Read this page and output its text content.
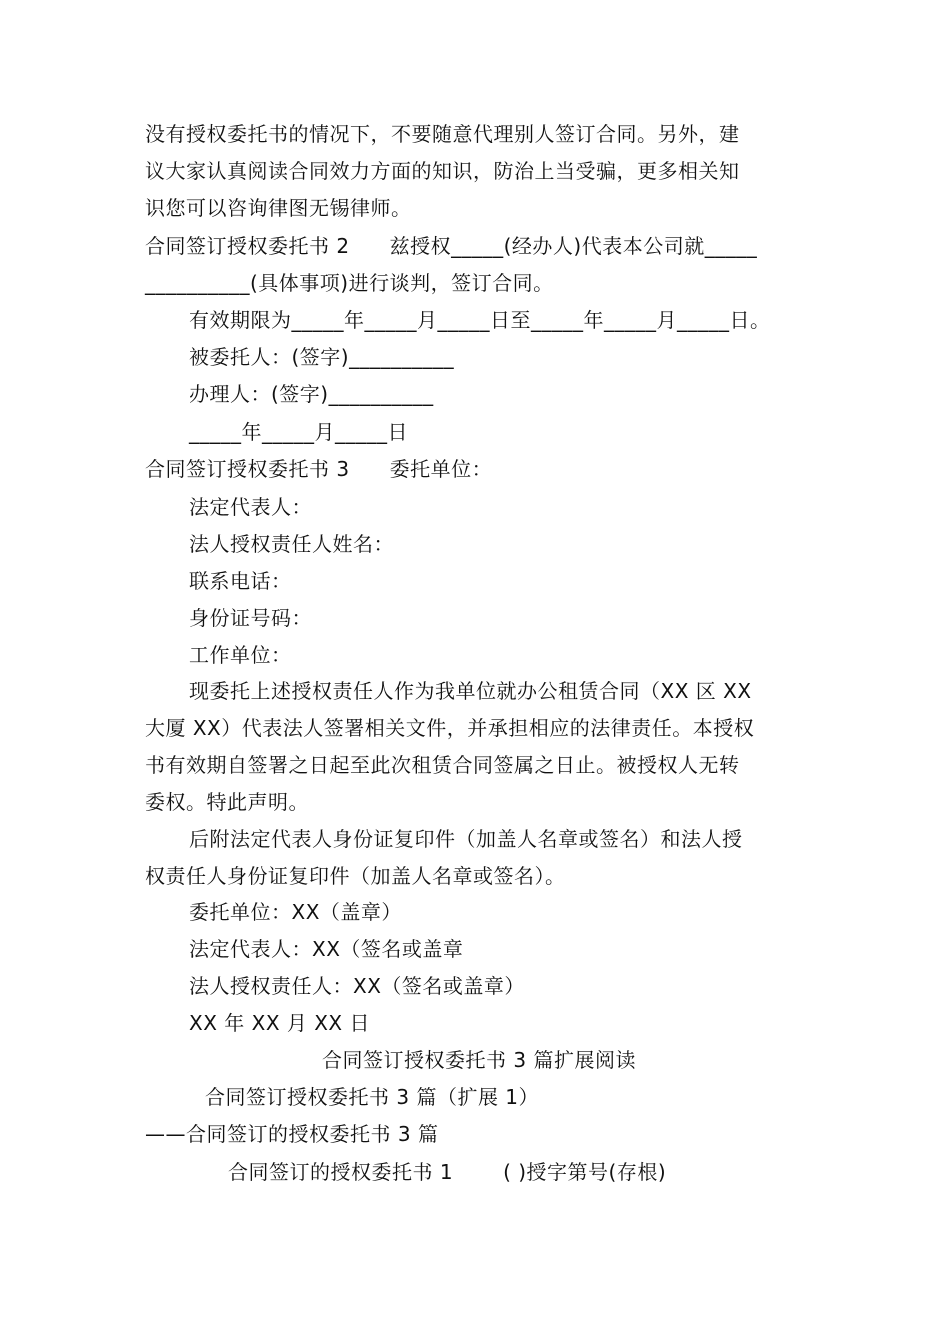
没有授权委托书的情况下，不要随意代理别人签订合同。另外，建
议大家认真阅读合同效力方面的知识，防治上当受骗，更多相关知
识您可以咨询律图无锡律师。
合同签订授权委托书 2 兹授权_____(经办人)代表本公司就_____
__________(具体事项)进行谈判，签订合同。
有效期限为_____年_____月_____日至_____年_____月_____日。
被委托人：(签字)__________
办理人：(签字)__________
_____年_____月_____日
合同签订授权委托书 3 委托单位：
法定代表人：
法人授权责任人姓名：
联系电话：
身份证号码：
工作单位：
现委托上述授权责任人作为我单位就办公租赁合同（XX 区 XX
大厦 XX）代表法人签署相关文件，并承担相应的法律责任。本授权
书有效期自签署之日起至此次租赁合同签属之日止。被授权人无转
委权。特此声明。
后附法定代表人身份证复印件（加盖人名章或签名）和法人授
权责任人身份证复印件（加盖人名章或签名）。
委托单位：XX（盖章）
法定代表人：XX（签名或盖章
法人授权责任人：XX（签名或盖章）
XX 年 XX 月 XX 日
合同签订授权委托书 3 篇扩展阅读
合同签订授权委托书 3 篇（扩展 1）
——合同签订的授权委托书 3 篇
合同签订的授权委托书 1	( )授字第号(存根)
